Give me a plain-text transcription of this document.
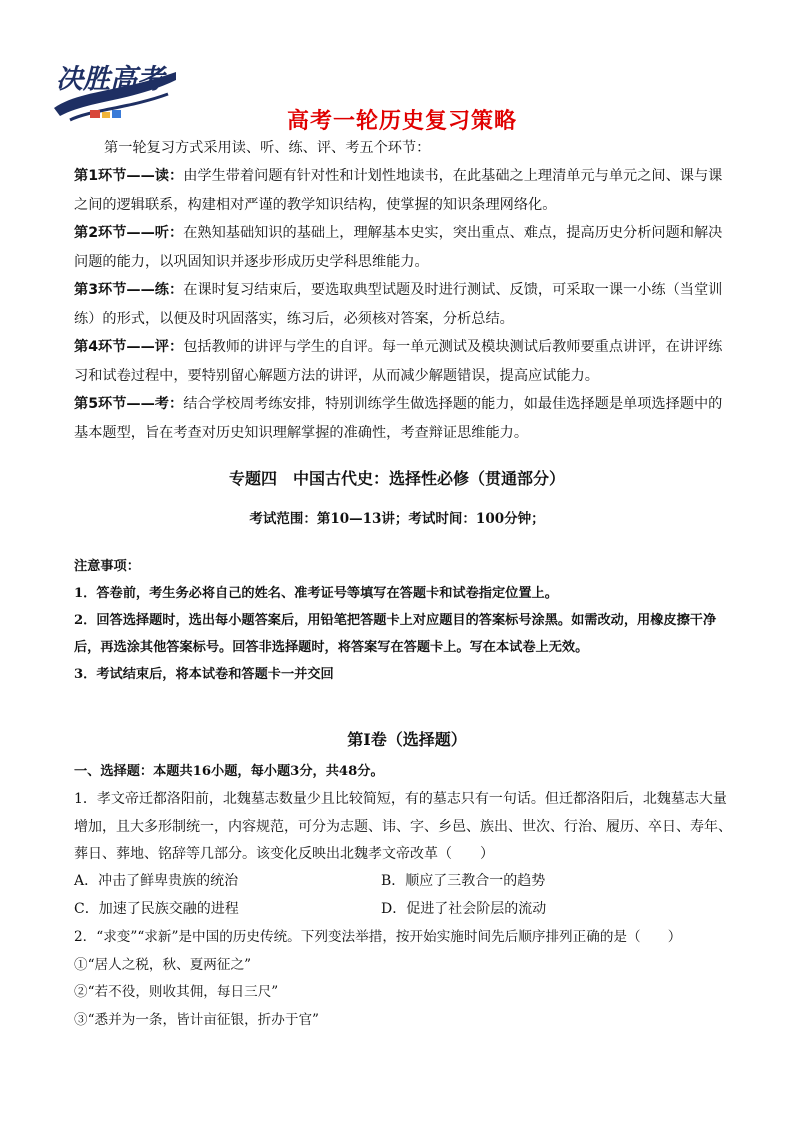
决胜高考
高考一轮历史复习策略
第一轮复习方式采用读、听、练、评、考五个环节：

第1环节——读：由学生带着问题有针对性和计划性地读书，在此基础之上理清单元与单元之间、课与课之间的逻辑联系，构建相对严谨的教学知识结构，使掌握的知识条理网络化。

第2环节——听：在熟知基础知识的基础上，理解基本史实，突出重点、难点，提高历史分析问题和解决问题的能力，以巩固知识并逐步形成历史学科思维能力。

第3环节——练：在课时复习结束后，要选取典型试题及时进行测试、反馈，可采取一课一小练（当堂训练）的形式，以便及时巩固落实，练习后，必须核对答案，分析总结。

第4环节——评：包括教师的讲评与学生的自评。每一单元测试及模块测试后教师要重点讲评，在讲评练习和试卷过程中，要特别留心解题方法的讲评，从而减少解题错误，提高应试能力。

第5环节——考：结合学校周考练安排，特别训练学生做选择题的能力，如最佳选择题是单项选择题中的基本题型，旨在考查对历史知识理解掌握的准确性，考查辩证思维能力。

专题四　中国古代史：选择性必修（贯通部分）
考试范围：第10—13讲；考试时间：100分钟；
注意事项：
1．答卷前，考生务必将自己的姓名、准考证号等填写在答题卡和试卷指定位置上。
2．回答选择题时，选出每小题答案后，用铅笔把答题卡上对应题目的答案标号涂黑。如需改动，用橡皮擦干净后，再选涂其他答案标号。回答非选择题时，将答案写在答题卡上。写在本试卷上无效。
3．考试结束后，将本试卷和答题卡一并交回
第I卷（选择题）
一、选择题：本题共16小题，每小题3分，共48分。
1．孝文帝迁都洛阳前，北魏墓志数量少且比较简短，有的墓志只有一句话。但迁都洛阳后，北魏墓志大量增加，且大多形制统一，内容规范，可分为志题、讳、字、乡邑、族出、世次、行治、履历、卒日、寿年、葬日、葬地、铭辞等几部分。该变化反映出北魏孝文帝改革（　　）
A．冲击了鲜卑贵族的统治	B．顺应了三教合一的趋势
C．加速了民族交融的进程	D．促进了社会阶层的流动

2．“求变”“求新”是中国的历史传统。下列变法举措，按开始实施时间先后顺序排列正确的是（　　）

①“居人之税，秋、夏两征之”

②“若不役，则收其佣，每日三尺”

③“悉并为一条，皆计亩征银，折办于官”
